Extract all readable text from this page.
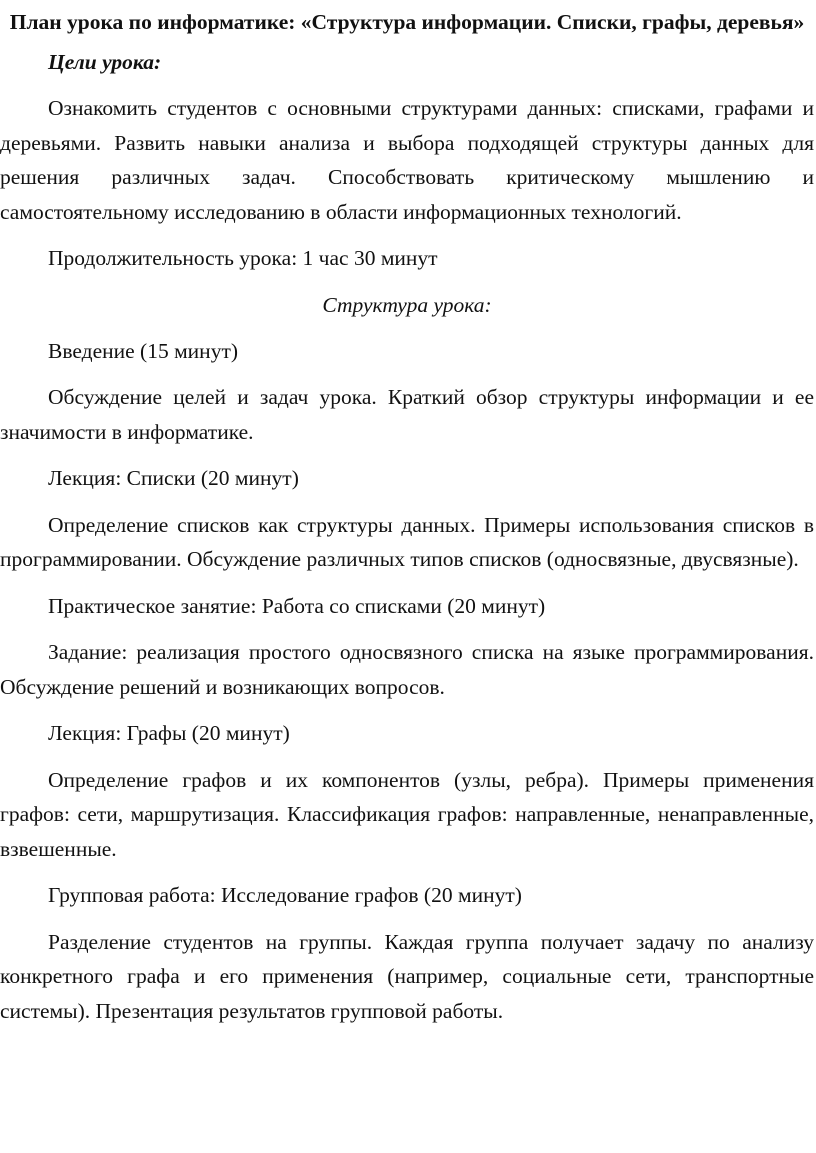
План урока по информатике: «Структура информации. Списки, графы, деревья»
Цели урока:

Ознакомить студентов с основными структурами данных: списками, графами и деревьями. Развить навыки анализа и выбора подходящей структуры данных для решения различных задач. Способствовать критическому мышлению и самостоятельному исследованию в области информационных технологий.

Продолжительность урока: 1 час 30 минут

Структура урока:

Введение (15 минут)

Обсуждение целей и задач урока. Краткий обзор структуры информации и ее значимости в информатике.

Лекция: Списки (20 минут)

Определение списков как структуры данных. Примеры использования списков в программировании. Обсуждение различных типов списков (односвязные, двусвязные).

Практическое занятие: Работа со списками (20 минут)

Задание: реализация простого односвязного списка на языке программирования. Обсуждение решений и возникающих вопросов.

Лекция: Графы (20 минут)

Определение графов и их компонентов (узлы, ребра). Примеры применения графов: сети, маршрутизация. Классификация графов: направленные, ненаправленные, взвешенные.

Групповая работа: Исследование графов (20 минут)

Разделение студентов на группы. Каждая группа получает задачу по анализу конкретного графа и его применения (например, социальные сети, транспортные системы). Презентация результатов групповой работы.
